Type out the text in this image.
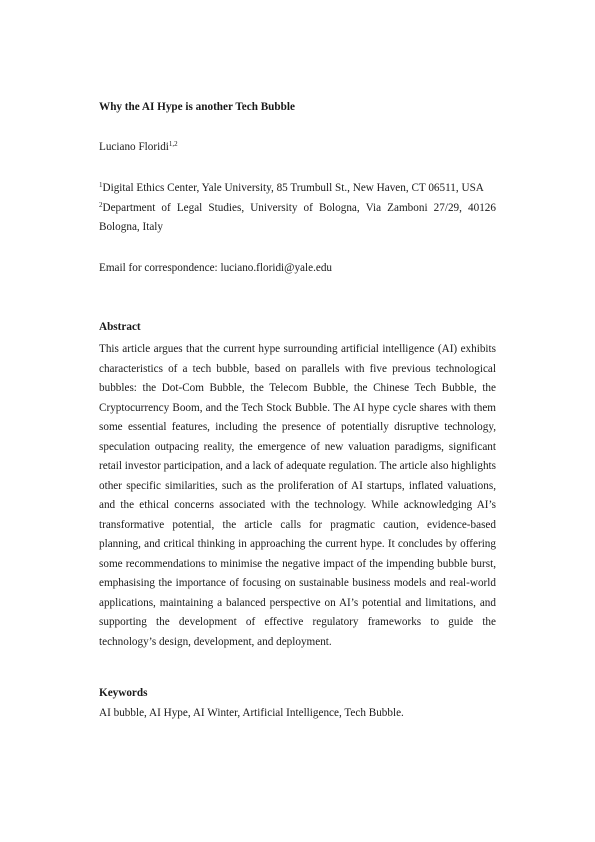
Why the AI Hype is another Tech Bubble
Luciano Floridi$^{1,2}$

$^1$Digital Ethics Center, Yale University, 85 Trumbull St., New Haven, CT 06511, USA

$^2$Department of Legal Studies, University of Bologna, Via Zamboni 27/29, 40126 Bologna, Italy

Email for correspondence: luciano.floridi@yale.edu
Abstract

This article argues that the current hype surrounding artificial intelligence (AI) exhibits characteristics of a tech bubble, based on parallels with five previous technological bubbles: the Dot-Com Bubble, the Telecom Bubble, the Chinese Tech Bubble, the Cryptocurrency Boom, and the Tech Stock Bubble. The AI hype cycle shares with them some essential features, including the presence of potentially disruptive technology, speculation outpacing reality, the emergence of new valuation paradigms, significant retail investor participation, and a lack of adequate regulation. The article also highlights other specific similarities, such as the proliferation of AI startups, inflated valuations, and the ethical concerns associated with the technology. While acknowledging AI’s transformative potential, the article calls for pragmatic caution, evidence-based planning, and critical thinking in approaching the current hype. It concludes by offering some recommendations to minimise the negative impact of the impending bubble burst, emphasising the importance of focusing on sustainable business models and real-world applications, maintaining a balanced perspective on AI’s potential and limitations, and supporting the development of effective regulatory frameworks to guide the technology’s design, development, and deployment.

Keywords
AI bubble, AI Hype, AI Winter, Artificial Intelligence, Tech Bubble.
